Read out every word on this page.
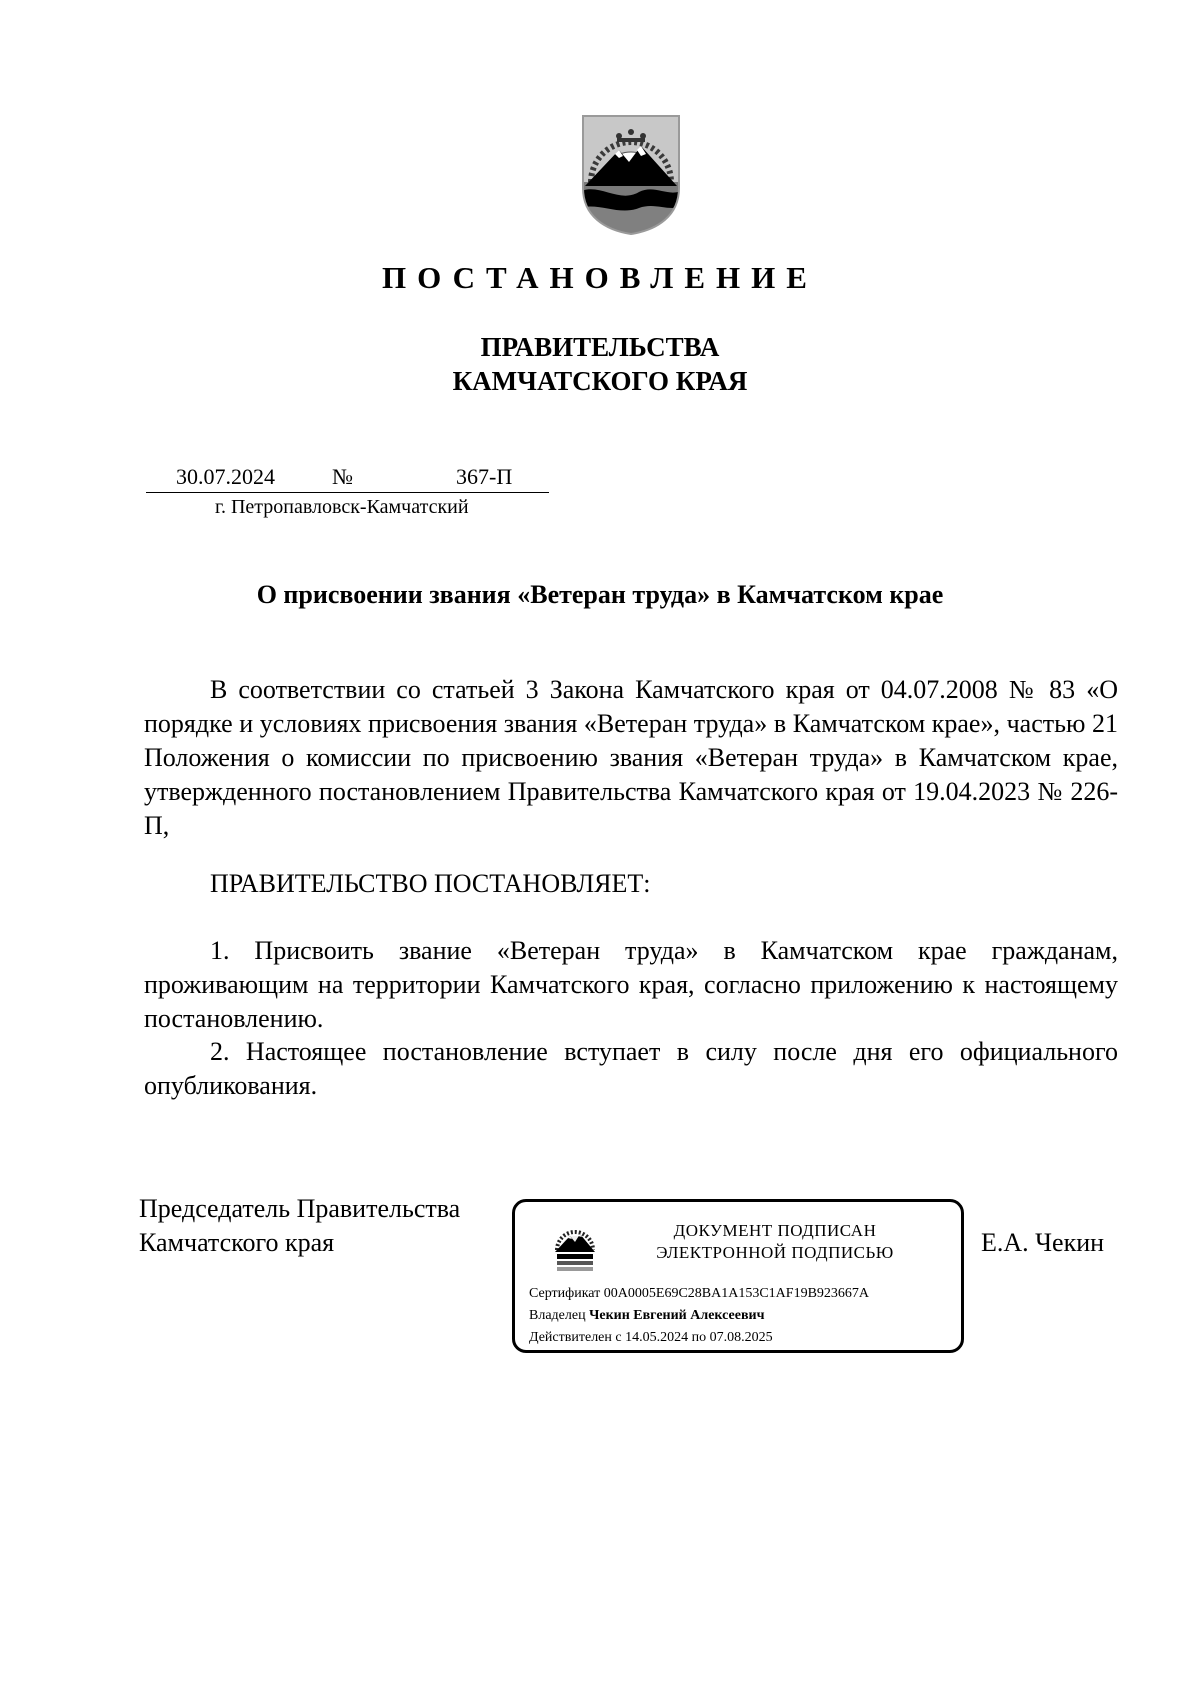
ПОСТАНОВЛЕНИЕ
ПРАВИТЕЛЬСТВА
КАМЧАТСКОГО КРАЯ
30.07.2024	№	367-П
г. Петропавловск-Камчатский
О присвоении звания «Ветеран труда» в Камчатском крае

В соответствии со статьей 3 Закона Камчатского края от 04.07.2008 № 83 «О порядке и условиях присвоения звания «Ветеран труда» в Камчатском крае», частью 21 Положения о комиссии по присвоению звания «Ветеран труда» в Камчатском крае, утвержденного постановлением Правительства Камчатского края от 19.04.2023 № 226-П,

ПРАВИТЕЛЬСТВО ПОСТАНОВЛЯЕТ:

1. Присвоить звание «Ветеран труда» в Камчатском крае гражданам, проживающим на территории Камчатского края, согласно приложению к настоящему постановлению.

2. Настоящее постановление вступает в силу после дня его официального опубликования.

Председатель Правительства
Камчатского края	ДОКУМЕНТ ПОДПИСАН
ЭЛЕКТРОННОЙ ПОДПИСЬЮ
Сертификат 00A0005E69C28BA1A153C1AF19B923667A
Владелец Чекин Евгений Алексеевич
Действителен с 14.05.2024 по 07.08.2025
Е.А. Чекин
